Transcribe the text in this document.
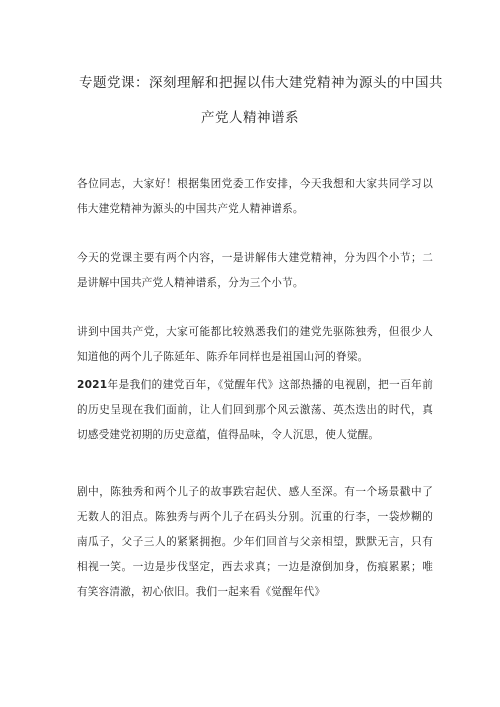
专题党课：深刻理解和把握以伟大建党精神为源头的中国共
产党人精神谱系
各位同志，大家好！根据集团党委工作安排，今天我想和大家共同学习以伟大建党精神为源头的中国共产党人精神谱系。
今天的党课主要有两个内容，一是讲解伟大建党精神，分为四个小节；二是讲解中国共产党人精神谱系，分为三个小节。
讲到中国共产党，大家可能都比较熟悉我们的建党先驱陈独秀，但很少人知道他的两个儿子陈延年、陈乔年同样也是祖国山河的脊梁。
2021年是我们的建党百年，《觉醒年代》这部热播的电视剧，把一百年前的历史呈现在我们面前，让人们回到那个风云激荡、英杰迭出的时代，真切感受建党初期的历史意蕴，值得品味，令人沉思，使人觉醒。
剧中，陈独秀和两个儿子的故事跌宕起伏、感人至深。有一个场景戳中了无数人的泪点。陈独秀与两个儿子在码头分别。沉重的行李，一袋炒糊的南瓜子，父子三人的紧紧拥抱。少年们回首与父亲相望，默默无言，只有相视一笑。一边是步伐坚定，西去求真；一边是潦倒加身，伤痕累累；唯有笑容清澈，初心依旧。我们一起来看《觉醒年代》
